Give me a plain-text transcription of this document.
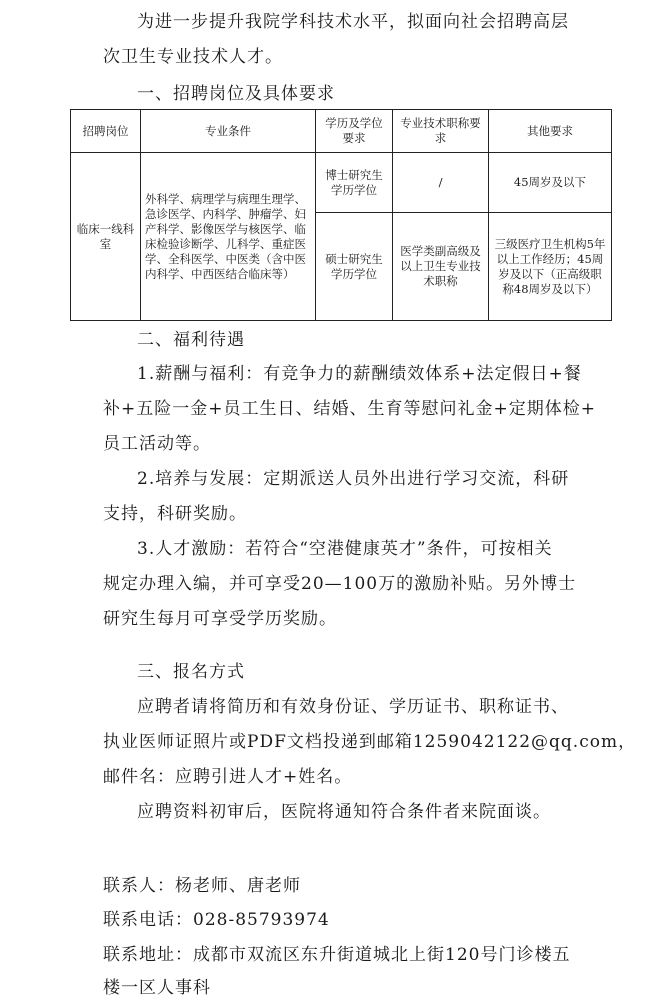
为进一步提升我院学科技术水平，拟面向社会招聘高层
次卫生专业技术人才。
一、招聘岗位及具体要求
招聘岗位	专业条件	学历及学位要求	专业技术职称要求	其他要求
临床一线科室	外科学、病理学与病理生理学、急诊医学、内科学、肿瘤学、妇产科学、影像医学与核医学、临床检验诊断学、儿科学、重症医学、全科医学、中医类（含中医内科学、中西医结合临床等）	博士研究生学历学位	/	45周岁及以下
		硕士研究生学历学位	医学类副高级及以上卫生专业技术职称	三级医疗卫生机构5年以上工作经历；45周岁及以下（正高级职称48周岁及以下）
二、福利待遇
1.薪酬与福利：有竞争力的薪酬绩效体系+法定假日+餐
补+五险一金+员工生日、结婚、生育等慰问礼金+定期体检+
员工活动等。
2.培养与发展：定期派送人员外出进行学习交流，科研
支持，科研奖励。
3.人才激励：若符合“空港健康英才”条件，可按相关
规定办理入编，并可享受20—100万的激励补贴。另外博士
研究生每月可享受学历奖励。
三、报名方式
应聘者请将简历和有效身份证、学历证书、职称证书、
执业医师证照片或PDF文档投递到邮箱1259042122@qq.com，
邮件名：应聘引进人才+姓名。
应聘资料初审后，医院将通知符合条件者来院面谈。
联系人：杨老师、唐老师
联系电话：028-85793974
联系地址：成都市双流区东升街道城北上街120号门诊楼五
楼一区人事科
